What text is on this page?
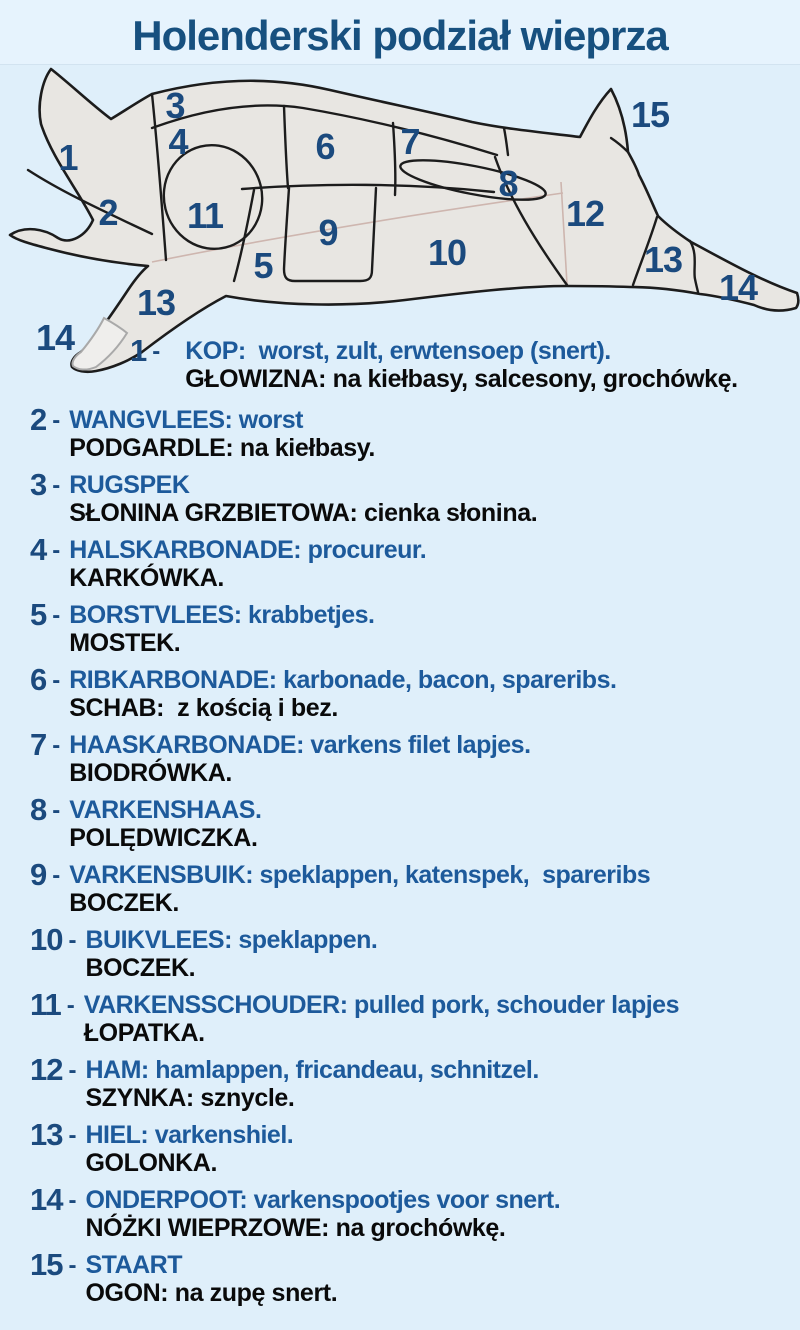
Holenderski podział wieprza
1
2
3
4
5
6 7
8
9	10
11	12
13
13
14
14
15
1 - KOP:  worst, zult, erwtensoep (snert).
GŁOWIZNA: na kiełbasy, salcesony, grochówkę.
2 - WANGVLEES: worst
PODGARDLE: na kiełbasy.
3 - RUGSPEK
SŁONINA GRZBIETOWA: cienka słonina.
4 - HALSKARBONADE: procureur.
KARKÓWKA.
5 - BORSTVLEES: krabbetjes.
MOSTEK.
6 - RIBKARBONADE: karbonade, bacon, spareribs.
SCHAB:  z kością i bez.
7 - HAASKARBONADE: varkens filet lapjes.
BIODRÓWKA.
8 - VARKENSHAAS.
POLĘDWICZKA.
9 - VARKENSBUIK: speklappen, katenspek,  spareribs
BOCZEK.
10 - BUIKVLEES: speklappen.
BOCZEK.
11 - VARKENSSCHOUDER: pulled pork, schouder lapjes
ŁOPATKA.
12 - HAM: hamlappen, fricandeau, schnitzel.
SZYNKA: sznycle.
13 - HIEL: varkenshiel.
GOLONKA.
14 - ONDERPOOT: varkenspootjes voor snert.
NÓŻKI WIEPRZOWE: na grochówkę.
15 - STAART
OGON: na zupę snert.
